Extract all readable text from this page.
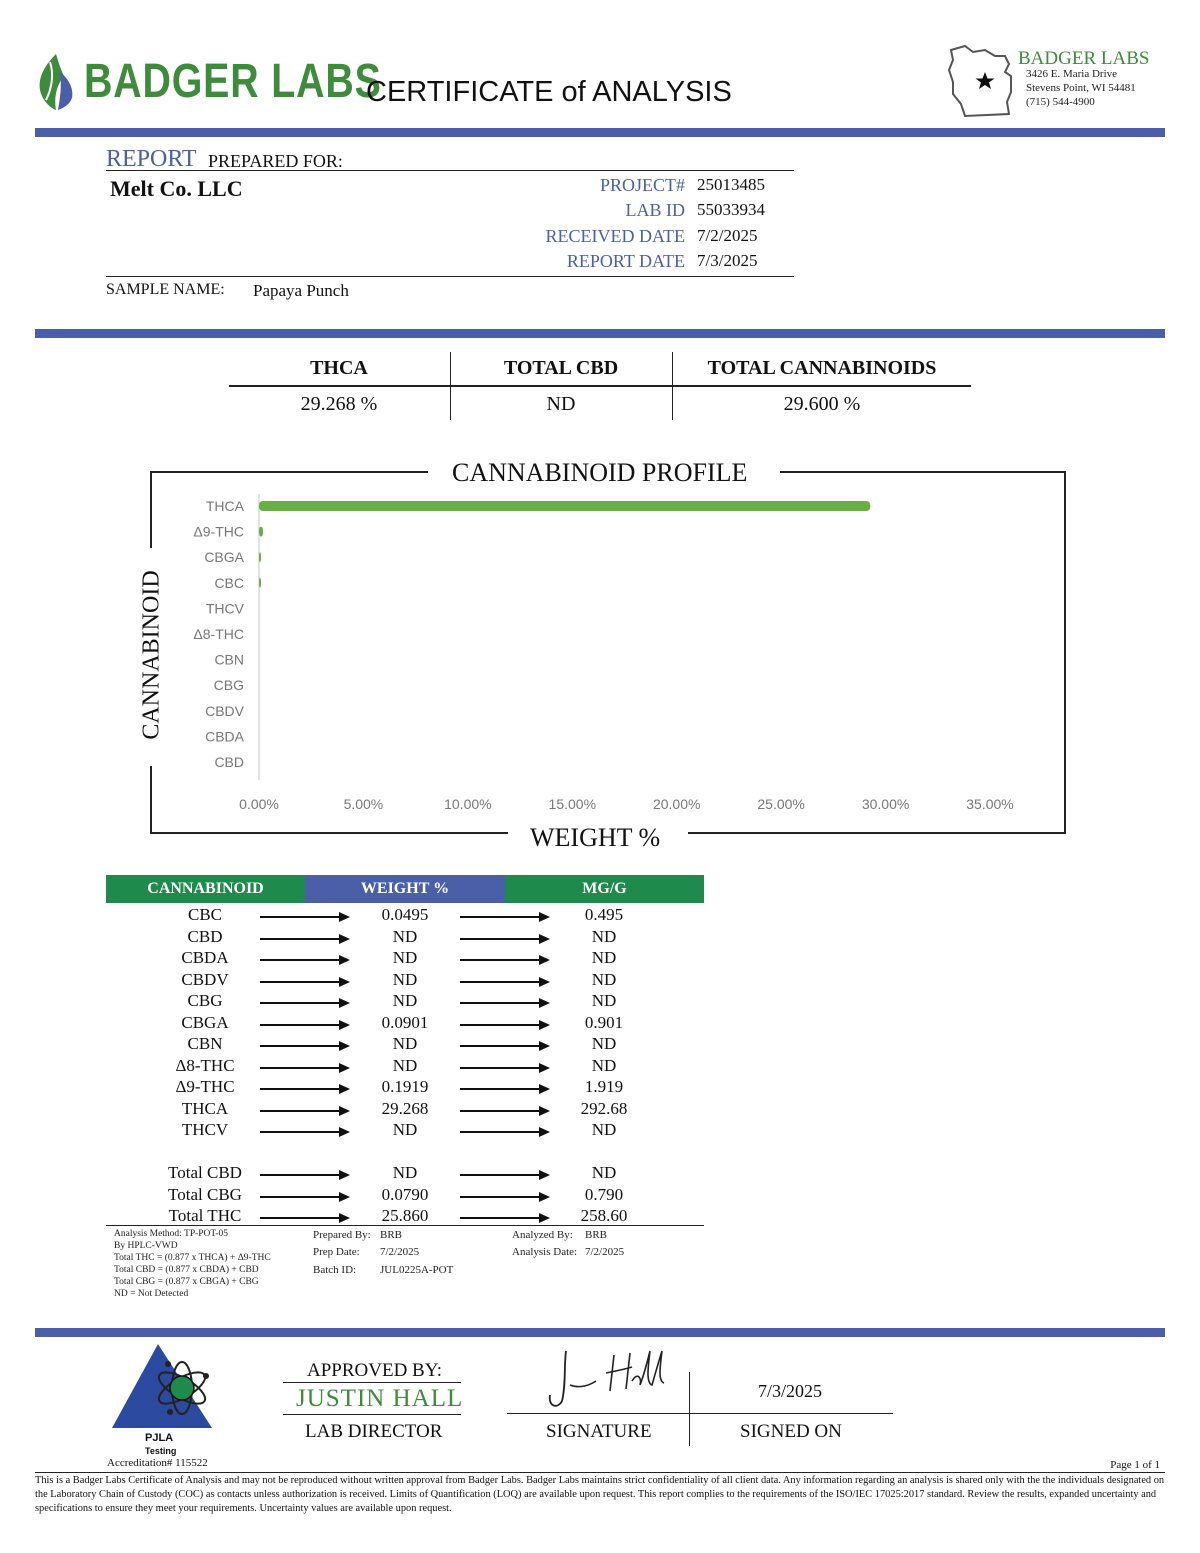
BADGER LABS
CERTIFICATE of ANALYSIS
BADGER LABS
3426 E. Maria Drive
Stevens Point, WI 54481
(715) 544-4900
REPORT PREPARED FOR:
Melt Co. LLC	PROJECT# 25013485
LAB ID 55033934
RECEIVED DATE 7/2/2025
REPORT DATE 7/3/2025
SAMPLE NAME: Papaya Punch
THCA	TOTAL CBD	TOTAL CANNABINOIDS
29.268 %	ND	29.600 %
CANNABINOID PROFILE
WEIGHT %
CANNABINOID
THCA
Δ9-THC
CBGA
CBC
THCV
Δ8-THC
CBN
CBG
CBDV
CBDA
CBD
0.00%	5.00%	10.00%	15.00%	20.00%	25.00%	30.00%	35.00%
CANNABINOID	WEIGHT %	MG/G
CBC	0.0495	0.495
CBD	ND	ND
CBDA	ND	ND
CBDV	ND	ND
CBG	ND	ND
CBGA	0.0901	0.901
CBN	ND	ND
Δ8-THC	ND	ND
Δ9-THC	0.1919	1.919
THCA	29.268	292.68
THCV	ND	ND
Total CBD	ND	ND
Total CBG	0.0790	0.790
Total THC	25.860	258.60
Analysis Method: TP-POT-05
By HPLC-VWD
Total THC = (0.877 x THCA) + Δ9-THC
Total CBD = (0.877 x CBDA) + CBD
Total CBG = (0.877 x CBGA) + CBG
ND = Not Detected
Prepared By: BRB
Prep Date: 7/2/2025
Batch ID: JUL0225A-POT
Analyzed By: BRB
Analysis Date: 7/2/2025
PJLA
Testing
Accreditation# 115522
APPROVED BY:
JUSTIN HALL
LAB DIRECTOR
7/3/2025
SIGNATURE	SIGNED ON
Page 1 of 1
This is a Badger Labs Certificate of Analysis and may not be reproduced without written approval from Badger Labs. Badger Labs maintains strict confidentiality of all client data. Any information regarding an analysis is shared only with the the individuals designated on the Laboratory Chain of Custody (COC) as contacts unless authorization is received. Limits of Quantification (LOQ) are available upon request. This report complies to the requirements of the ISO/IEC 17025:2017 standard. Review the results, expanded uncertainty and specifications to ensure they meet your requirements. Uncertainty values are available upon request.
